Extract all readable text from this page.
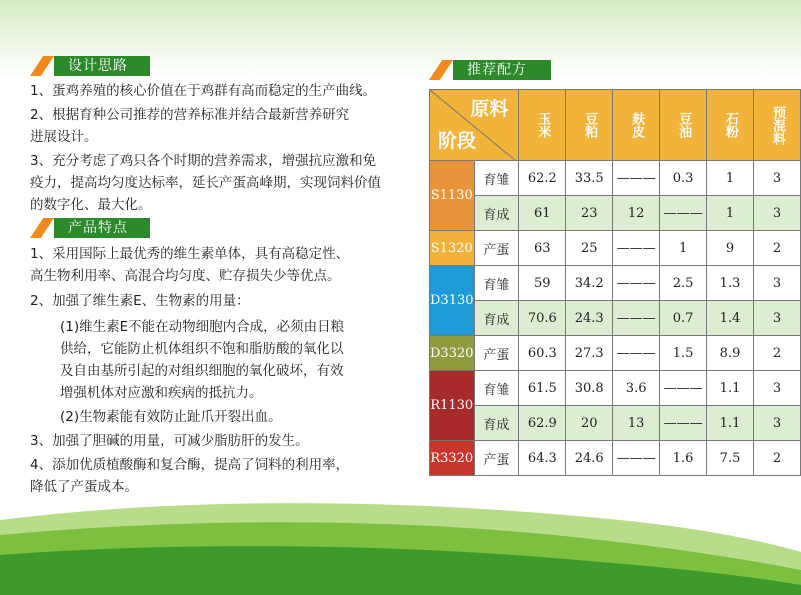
设计思路

1、蛋鸡养殖的核心价值在于鸡群有高而稳定的生产曲线。

2、根据育种公司推荐的营养标准并结合最新营养研究

进展设计。

3、充分考虑了鸡只各个时期的营养需求，增强抗应激和免

疫力，提高均匀度达标率，延长产蛋高峰期，实现饲料价值

的数字化、最大化。

产品特点

1、采用国际上最优秀的维生素单体，具有高稳定性、

高生物利用率、高混合均匀度、贮存损失少等优点。

2、加强了维生素E、生物素的用量：

(1)维生素E不能在动物细胞内合成，必须由日粮

供给，它能防止机体组织不饱和脂肪酸的氧化以

及自由基所引起的对组织细胞的氧化破坏，有效

增强机体对应激和疾病的抵抗力。

(2)生物素能有效防止趾爪开裂出血。

3、加强了胆碱的用量，可减少脂肪肝的发生。

4、添加优质植酸酶和复合酶，提高了饲料的利用率，

降低了产蛋成本。

推荐配方
原料
阶段		玉米	豆粕	麸皮	豆油	石粉	预混料
S1130	育雏	62.2	33.5	———	0.3	1	3
	育成	61	23	12	———	1	3
S1320	产蛋	63	25	———	1	9	2
D3130	育雏	59	34.2	———	2.5	1.3	3
	育成	70.6	24.3	———	0.7	1.4	3
D3320	产蛋	60.3	27.3	———	1.5	8.9	2
R1130	育雏	61.5	30.8	3.6	———	1.1	3
	育成	62.9	20	13	———	1.1	3
R3320	产蛋	64.3	24.6	———	1.6	7.5	2
